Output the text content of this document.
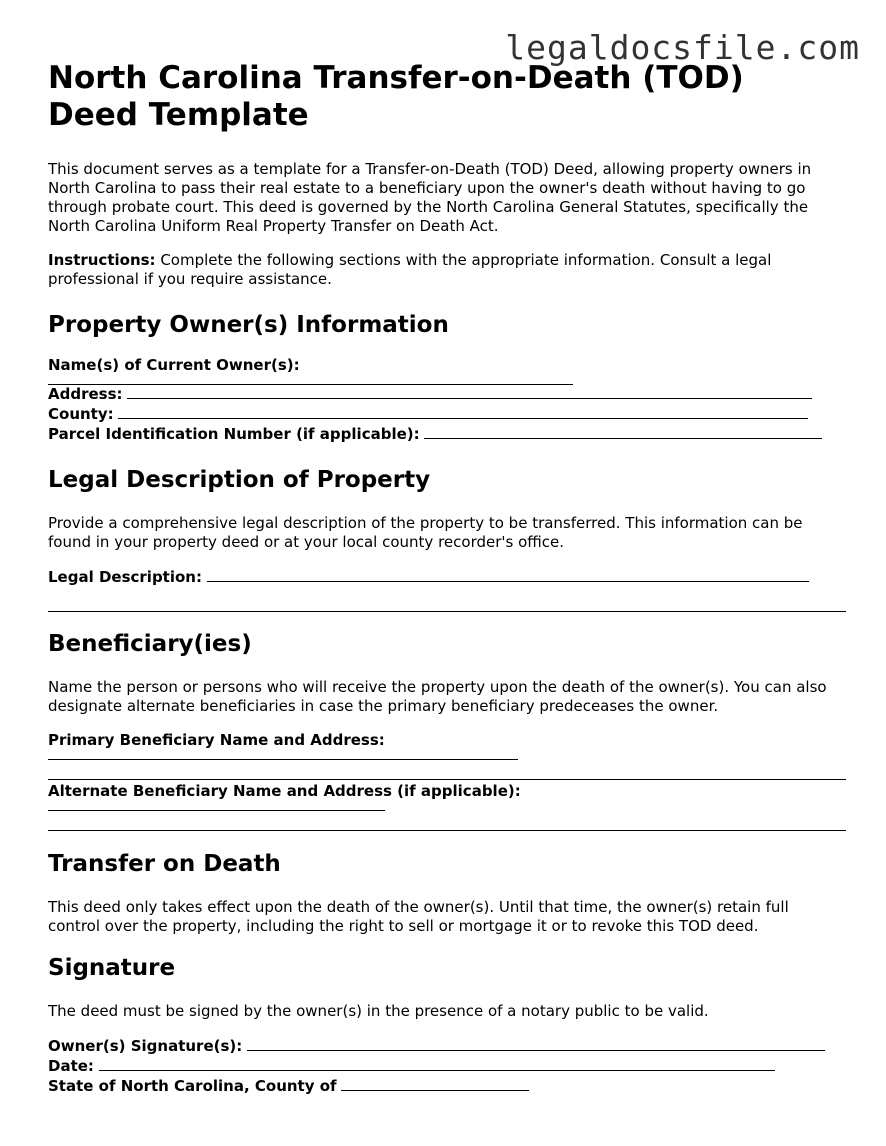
legaldocsfile.com
North Carolina Transfer-on-Death (TOD) Deed Template

This document serves as a template for a Transfer-on-Death (TOD) Deed, allowing property owners in North Carolina to pass their real estate to a beneficiary upon the owner's death without having to go through probate court. This deed is governed by the North Carolina General Statutes, specifically the North Carolina Uniform Real Property Transfer on Death Act.

Instructions: Complete the following sections with the appropriate information. Consult a legal professional if you require assistance.

Property Owner(s) Information
Name(s) of Current Owner(s):
Address:
County:
Parcel Identification Number (if applicable):
Legal Description of Property

Provide a comprehensive legal description of the property to be transferred. This information can be found in your property deed or at your local county recorder's office.

Legal Description:
Beneficiary(ies)

Name the person or persons who will receive the property upon the death of the owner(s). You can also designate alternate beneficiaries in case the primary beneficiary predeceases the owner.

Primary Beneficiary Name and Address:
Alternate Beneficiary Name and Address (if applicable):
Transfer on Death

This deed only takes effect upon the death of the owner(s). Until that time, the owner(s) retain full control over the property, including the right to sell or mortgage it or to revoke this TOD deed.

Signature

The deed must be signed by the owner(s) in the presence of a notary public to be valid.

Owner(s) Signature(s):
Date:
State of North Carolina, County of
